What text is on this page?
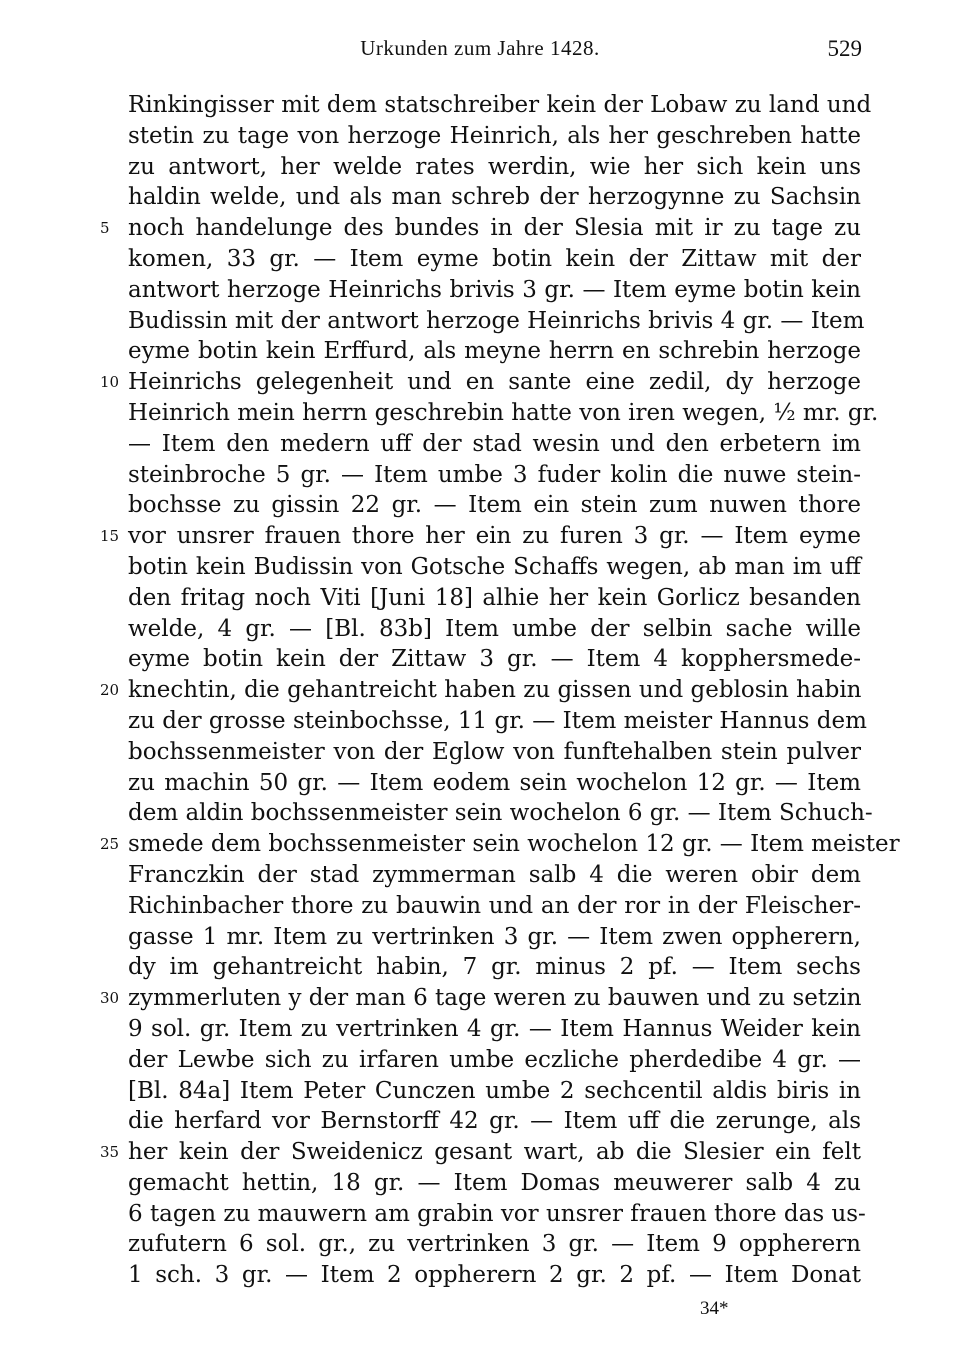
Urkunden zum Jahre 1428.	529
Rinkingisser mit dem statschreiber kein der Lobaw zu land und
stetin zu tage von herzoge Heinrich, als her geschreben hatte
zu antwort, her welde rates werdin, wie her sich kein uns
haldin welde, und als man schreb der herzogynne zu Sachsin
5 noch handelunge des bundes in der Slesia mit ir zu tage zu
komen, 33 gr. — Item eyme botin kein der Zittaw mit der
antwort herzoge Heinrichs brivis 3 gr. — Item eyme botin kein
Budissin mit der antwort herzoge Heinrichs brivis 4 gr. — Item
eyme botin kein Erffurd, als meyne herrn en schrebin herzoge
10 Heinrichs gelegenheit und en sante eine zedil, dy herzoge
Heinrich mein herrn geschrebin hatte von iren wegen, ½ mr. gr.
— Item den medern uff der stad wesin und den erbetern im
steinbroche 5 gr. — Item umbe 3 fuder kolin die nuwe stein-
bochsse zu gissin 22 gr. — Item ein stein zum nuwen thore
15 vor unsrer frauen thore her ein zu furen 3 gr. — Item eyme
botin kein Budissin von Gotsche Schaffs wegen, ab man im uff
den fritag noch Viti [Juni 18] alhie her kein Gorlicz besanden
welde, 4 gr. — [Bl. 83b] Item umbe der selbin sache wille
eyme botin kein der Zittaw 3 gr. — Item 4 kopphersmede-
20 knechtin, die gehantreicht haben zu gissen und geblosin habin
zu der grosse steinbochsse, 11 gr. — Item meister Hannus dem
bochssenmeister von der Eglow von funftehalben stein pulver
zu machin 50 gr. — Item eodem sein wochelon 12 gr. — Item
dem aldin bochssenmeister sein wochelon 6 gr. — Item Schuch-
25 smede dem bochssenmeister sein wochelon 12 gr. — Item meister
Franczkin der stad zymmerman salb 4 die weren obir dem
Richinbacher thore zu bauwin und an der ror in der Fleischer-
gasse 1 mr. Item zu vertrinken 3 gr. — Item zwen oppherern,
dy im gehantreicht habin, 7 gr. minus 2 pf. — Item sechs
30 zymmerluten y der man 6 tage weren zu bauwen und zu setzin
9 sol. gr. Item zu vertrinken 4 gr. — Item Hannus Weider kein
der Lewbe sich zu irfaren umbe eczliche pherdedibe 4 gr. —
[Bl. 84a] Item Peter Cunczen umbe 2 sechcentil aldis biris in
die herfard vor Bernstorff 42 gr. — Item uff die zerunge, als
35 her kein der Sweidenicz gesant wart, ab die Slesier ein felt
gemacht hettin, 18 gr. — Item Domas meuwerer salb 4 zu
6 tagen zu mauwern am grabin vor unsrer frauen thore das us-
zufutern 6 sol. gr., zu vertrinken 3 gr. — Item 9 oppherern
1 sch. 3 gr. — Item 2 oppherern 2 gr. 2 pf. — Item Donat
34*
